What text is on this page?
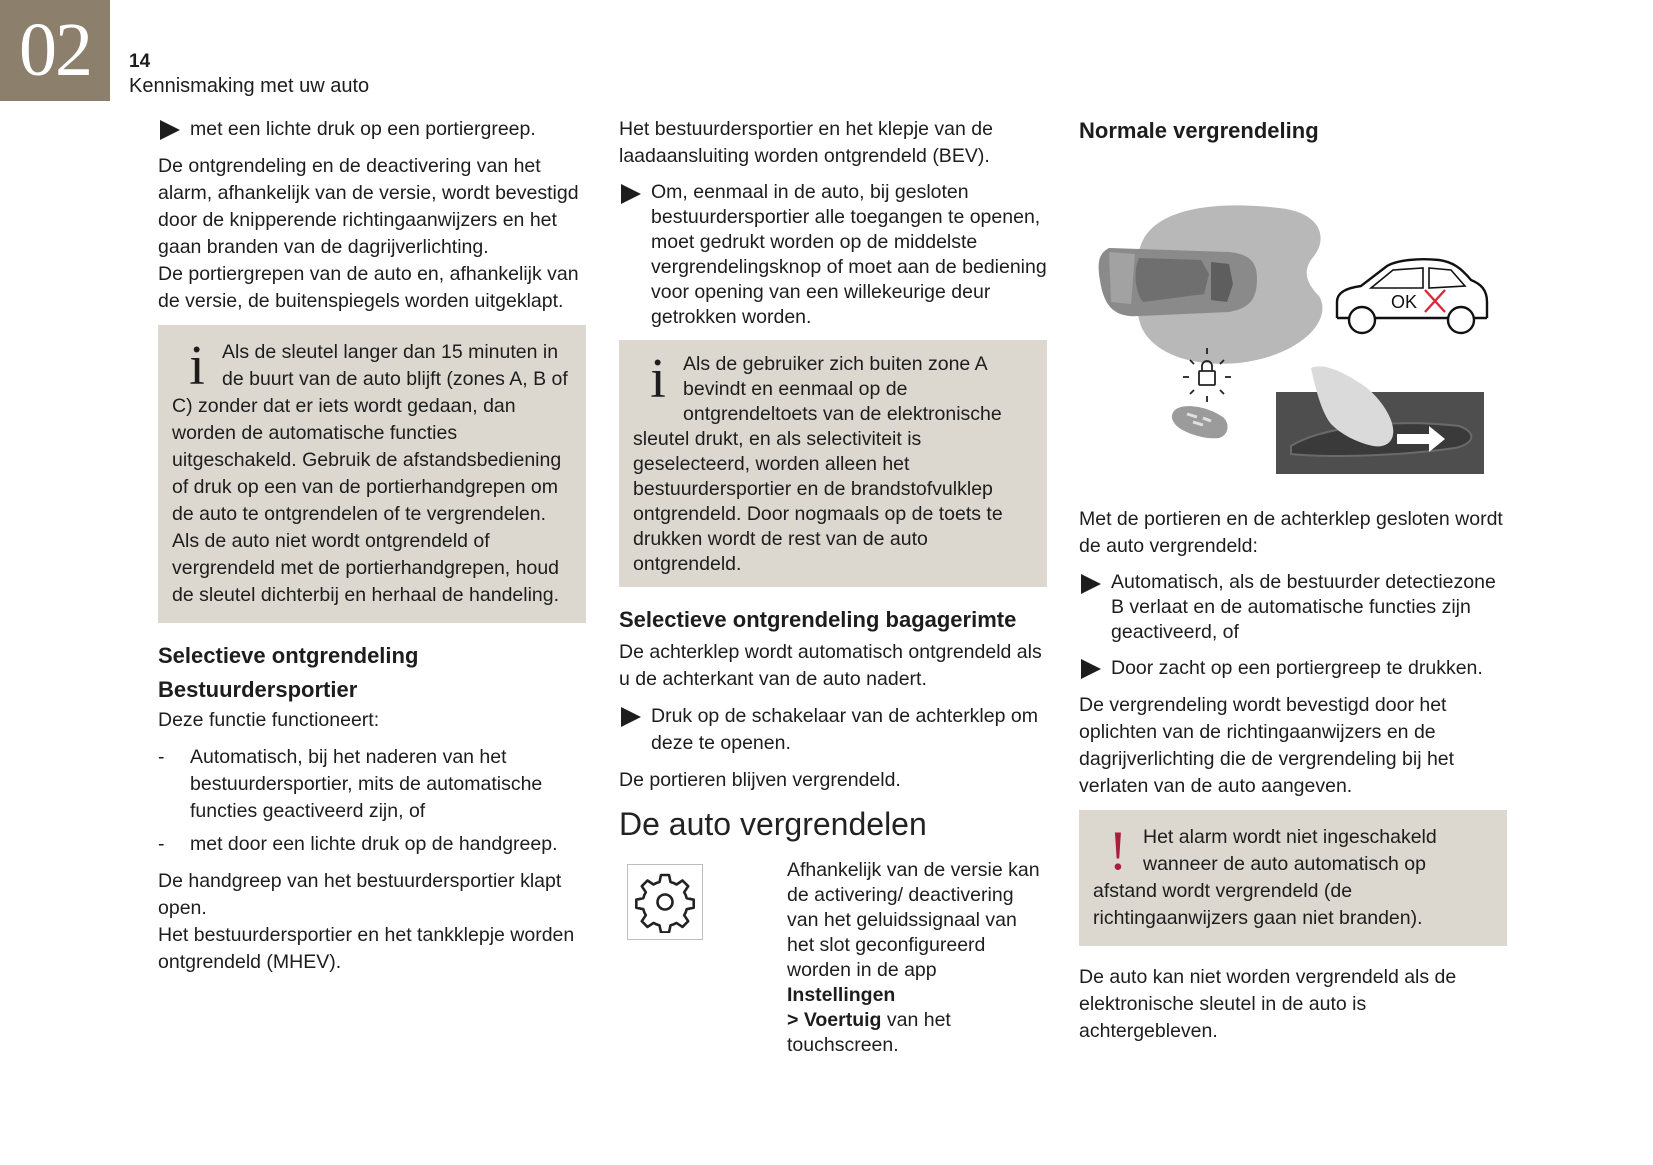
02	14
Kennismaking met uw auto
met een lichte druk op een portiergreep.

De ontgrendeling en de deactivering van het alarm, afhankelijk van de versie, wordt bevestigd door de knipperende richtingaanwijzers en het gaan branden van de dagrijverlichting.

De portiergrepen van de auto en, afhankelijk van de versie, de buitenspiegels worden uitgeklapt.

i Als de sleutel langer dan 15 minuten in de buurt van de auto blijft (zones A, B of C) zonder dat er iets wordt gedaan, dan worden de automatische functies uitgeschakeld. Gebruik de afstandsbediening of druk op een van de portierhandgrepen om de auto te ontgrendelen of te vergrendelen. Als de auto niet wordt ontgrendeld of vergrendeld met de portierhandgrepen, houd de sleutel dichterbij en herhaal de handeling.
Selectieve ontgrendeling
Bestuurdersportier

Deze functie functioneert:

- Automatisch, bij het naderen van het bestuurdersportier, mits de automatische functies geactiveerd zijn, of
- met door een lichte druk op de handgreep.

De handgreep van het bestuurdersportier klapt open.

Het bestuurdersportier en het tankklepje worden ontgrendeld (MHEV).

Het bestuurdersportier en het klepje van de laadaansluiting worden ontgrendeld (BEV).

Om, eenmaal in de auto, bij gesloten bestuurdersportier alle toegangen te openen, moet gedrukt worden op de middelste vergrendelingsknop of moet aan de bediening voor opening van een willekeurige deur getrokken worden.
i Als de gebruiker zich buiten zone A bevindt en eenmaal op de ontgrendeltoets van de elektronische sleutel drukt, en als selectiviteit is geselecteerd, worden alleen het bestuurdersportier en de brandstofvulklep ontgrendeld. Door nogmaals op de toets te drukken wordt de rest van de auto ontgrendeld.
Selectieve ontgrendeling bagagerimte

De achterklep wordt automatisch ontgrendeld als u de achterkant van de auto nadert.

Druk op de schakelaar van de achterklep om deze te openen.

De portieren blijven vergrendeld.

De auto vergrendelen
Afhankelijk van de versie kan de activering/ deactivering van het geluidssignaal van het slot geconfigureerd worden in de app Instellingen
> Voertuig van het touchscreen.
Normale vergrendeling
OK

Met de portieren en de achterklep gesloten wordt de auto vergrendeld:

Automatisch, als de bestuurder detectiezone B verlaat en de automatische functies zijn geactiveerd, of
Door zacht op een portiergreep te drukken.

De vergrendeling wordt bevestigd door het oplichten van de richtingaanwijzers en de dagrijverlichting die de vergrendeling bij het verlaten van de auto aangeven.

! Het alarm wordt niet ingeschakeld wanneer de auto automatisch op afstand wordt vergrendeld (de richtingaanwijzers gaan niet branden).

De auto kan niet worden vergrendeld als de elektronische sleutel in de auto is achtergebleven.
